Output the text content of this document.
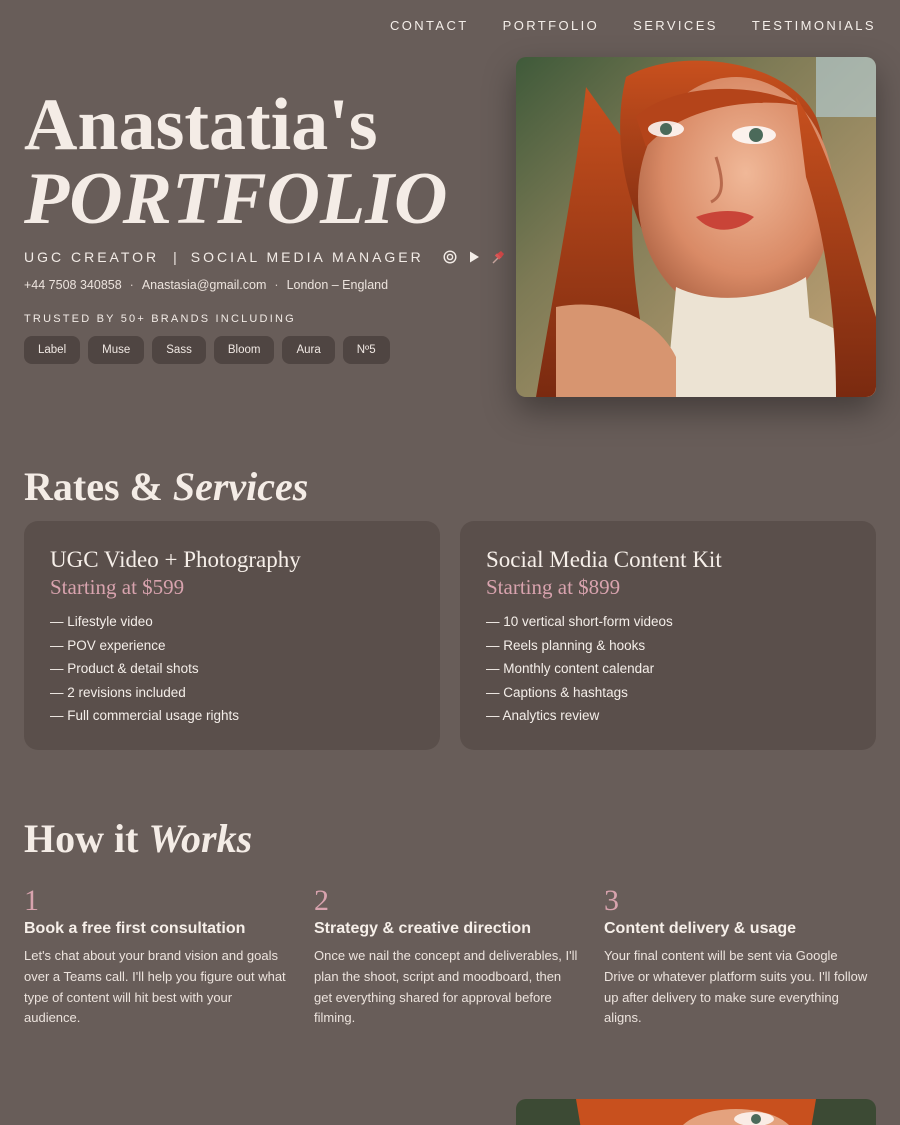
CONTACT	PORTFOLIO	SERVICES	TESTIMONIALS
Anastatia's
PORTFOLIO
UGC CREATOR | SOCIAL MEDIA MANAGER
+44 7508 340858 · Anastasia@gmail.com · London – England
TRUSTED BY 50+ BRANDS INCLUDING
Label	Muse	Sass	Bloom	Aura	Nº5
Rates & Services
UGC Video + Photography
Starting at $599
— Lifestyle video
— POV experience
— Product & detail shots
— 2 revisions included
— Full commercial usage rights
Social Media Content Kit
Starting at $899
— 10 vertical short-form videos
— Reels planning & hooks
— Monthly content calendar
— Captions & hashtags
— Analytics review
How it Works
1
Book a free first consultation
Let's chat about your brand vision and goals over a Teams call. I'll help you figure out what type of content will hit best with your audience.
2
Strategy & creative direction
Once we nail the concept and deliverables, I'll plan the shoot, script and moodboard, then get everything shared for approval before filming.
3
Content delivery & usage
Your final content will be sent via Google Drive or whatever platform suits you. I'll follow up after delivery to make sure everything aligns.
